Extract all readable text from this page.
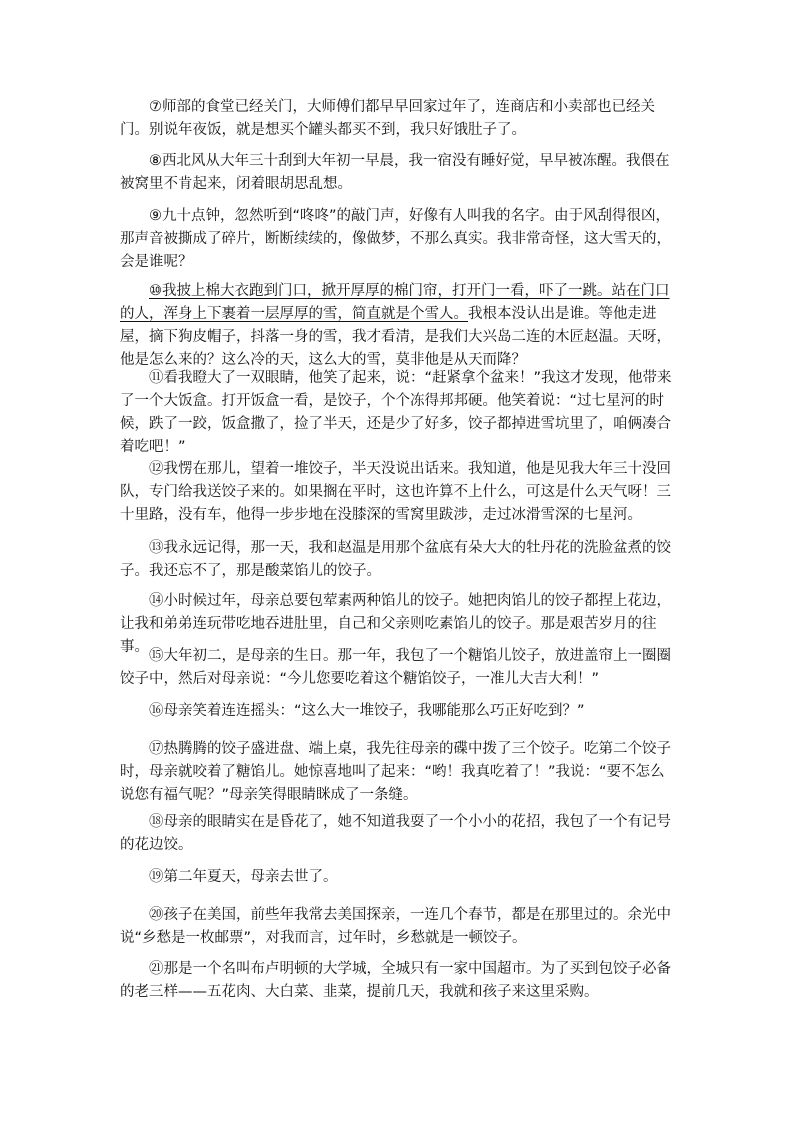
⑦师部的食堂已经关门，大师傅们都早早回家过年了，连商店和小卖部也已经关门。别说年夜饭，就是想买个罐头都买不到，我只好饿肚子了。

⑧西北风从大年三十刮到大年初一早晨，我一宿没有睡好觉，早早被冻醒。我偎在被窝里不肯起来，闭着眼胡思乱想。

⑨九十点钟，忽然听到“咚咚”的敲门声，好像有人叫我的名字。由于风刮得很凶，那声音被撕成了碎片，断断续续的，像做梦，不那么真实。我非常奇怪，这大雪天的，会是谁呢？

⑩我披上棉大衣跑到门口，掀开厚厚的棉门帘，打开门一看，吓了一跳。站在门口的人，浑身上下裹着一层厚厚的雪，简直就是个雪人。我根本没认出是谁。等他走进屋，摘下狗皮帽子，抖落一身的雪，我才看清，是我们大兴岛二连的木匠赵温。天呀，他是怎么来的？这么冷的天，这么大的雪，莫非他是从天而降？

⑪看我瞪大了一双眼睛，他笑了起来，说：“赶紧拿个盆来！”我这才发现，他带来了一个大饭盒。打开饭盒一看，是饺子，个个冻得邦邦硬。他笑着说：“过七星河的时候，跌了一跤，饭盒撒了，捡了半天，还是少了好多，饺子都掉进雪坑里了，咱俩凑合着吃吧！”

⑫我愣在那儿，望着一堆饺子，半天没说出话来。我知道，他是见我大年三十没回队，专门给我送饺子来的。如果搁在平时，这也许算不上什么，可这是什么天气呀！三十里路，没有车，他得一步步地在没膝深的雪窝里跋涉，走过冰滑雪深的七星河。

⑬我永远记得，那一天，我和赵温是用那个盆底有朵大大的牡丹花的洗脸盆煮的饺子。我还忘不了，那是酸菜馅儿的饺子。

⑭小时候过年，母亲总要包荤素两种馅儿的饺子。她把肉馅儿的饺子都捏上花边，让我和弟弟连玩带吃地吞进肚里，自己和父亲则吃素馅儿的饺子。那是艰苦岁月的往事。

⑮大年初二，是母亲的生日。那一年，我包了一个糖馅儿饺子，放进盖帘上一圈圈饺子中，然后对母亲说：“今儿您要吃着这个糖馅饺子，一准儿大吉大利！”

⑯母亲笑着连连摇头：“这么大一堆饺子，我哪能那么巧正好吃到？”

⑰热腾腾的饺子盛进盘、端上桌，我先往母亲的碟中拨了三个饺子。吃第二个饺子时，母亲就咬着了糖馅儿。她惊喜地叫了起来：“哟！我真吃着了！”我说：“要不怎么说您有福气呢？”母亲笑得眼睛眯成了一条缝。

⑱母亲的眼睛实在是昏花了，她不知道我耍了一个小小的花招，我包了一个有记号的花边饺。

⑲第二年夏天，母亲去世了。

⑳孩子在美国，前些年我常去美国探亲，一连几个春节，都是在那里过的。余光中说“乡愁是一枚邮票”，对我而言，过年时，乡愁就是一顿饺子。

㉑那是一个名叫布卢明顿的大学城，全城只有一家中国超市。为了买到包饺子必备的老三样——五花肉、大白菜、韭菜，提前几天，我就和孩子来这里采购。
